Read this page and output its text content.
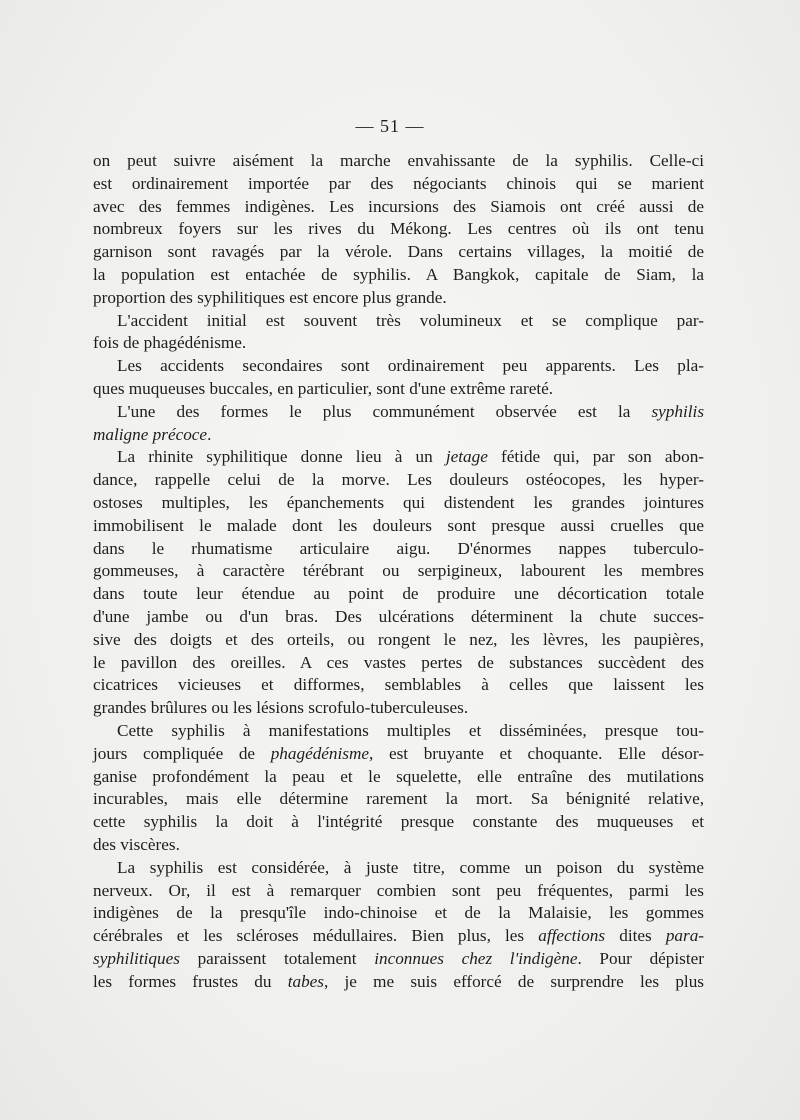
— 51 —
on peut suivre aisément la marche envahissante de la syphilis. Celle-ci
est ordinairement importée par des négociants chinois qui se marient
avec des femmes indigènes. Les incursions des Siamois ont créé aussi de
nombreux foyers sur les rives du Mékong. Les centres où ils ont tenu
garnison sont ravagés par la vérole. Dans certains villages, la moitié de
la population est entachée de syphilis. A Bangkok, capitale de Siam, la
proportion des syphilitiques est encore plus grande.
L'accident initial est souvent très volumineux et se complique par-
fois de phagédénisme.
Les accidents secondaires sont ordinairement peu apparents. Les pla-
ques muqueuses buccales, en particulier, sont d'une extrême rareté.
L'une des formes le plus communément observée est la syphilis
maligne précoce.
La rhinite syphilitique donne lieu à un jetage fétide qui, par son abon-
dance, rappelle celui de la morve. Les douleurs ostéocopes, les hyper-
ostoses multiples, les épanchements qui distendent les grandes jointures
immobilisent le malade dont les douleurs sont presque aussi cruelles que
dans le rhumatisme articulaire aigu. D'énormes nappes tuberculo-
gommeuses, à caractère térébrant ou serpigineux, labourent les membres
dans toute leur étendue au point de produire une décortication totale
d'une jambe ou d'un bras. Des ulcérations déterminent la chute succes-
sive des doigts et des orteils, ou rongent le nez, les lèvres, les paupières,
le pavillon des oreilles. A ces vastes pertes de substances succèdent des
cicatrices vicieuses et difformes, semblables à celles que laissent les
grandes brûlures ou les lésions scrofulo-tuberculeuses.
Cette syphilis à manifestations multiples et disséminées, presque tou-
jours compliquée de phagédénisme, est bruyante et choquante. Elle désor-
ganise profondément la peau et le squelette, elle entraîne des mutilations
incurables, mais elle détermine rarement la mort. Sa bénignité relative,
cette syphilis la doit à l'intégrité presque constante des muqueuses et
des viscères.
La syphilis est considérée, à juste titre, comme un poison du système
nerveux. Or, il est à remarquer combien sont peu fréquentes, parmi les
indigènes de la presqu'île indo-chinoise et de la Malaisie, les gommes
cérébrales et les scléroses médullaires. Bien plus, les affections dites para-
syphilitiques paraissent totalement inconnues chez l'indigène. Pour dépister
les formes frustes du tabes, je me suis efforcé de surprendre les plus
